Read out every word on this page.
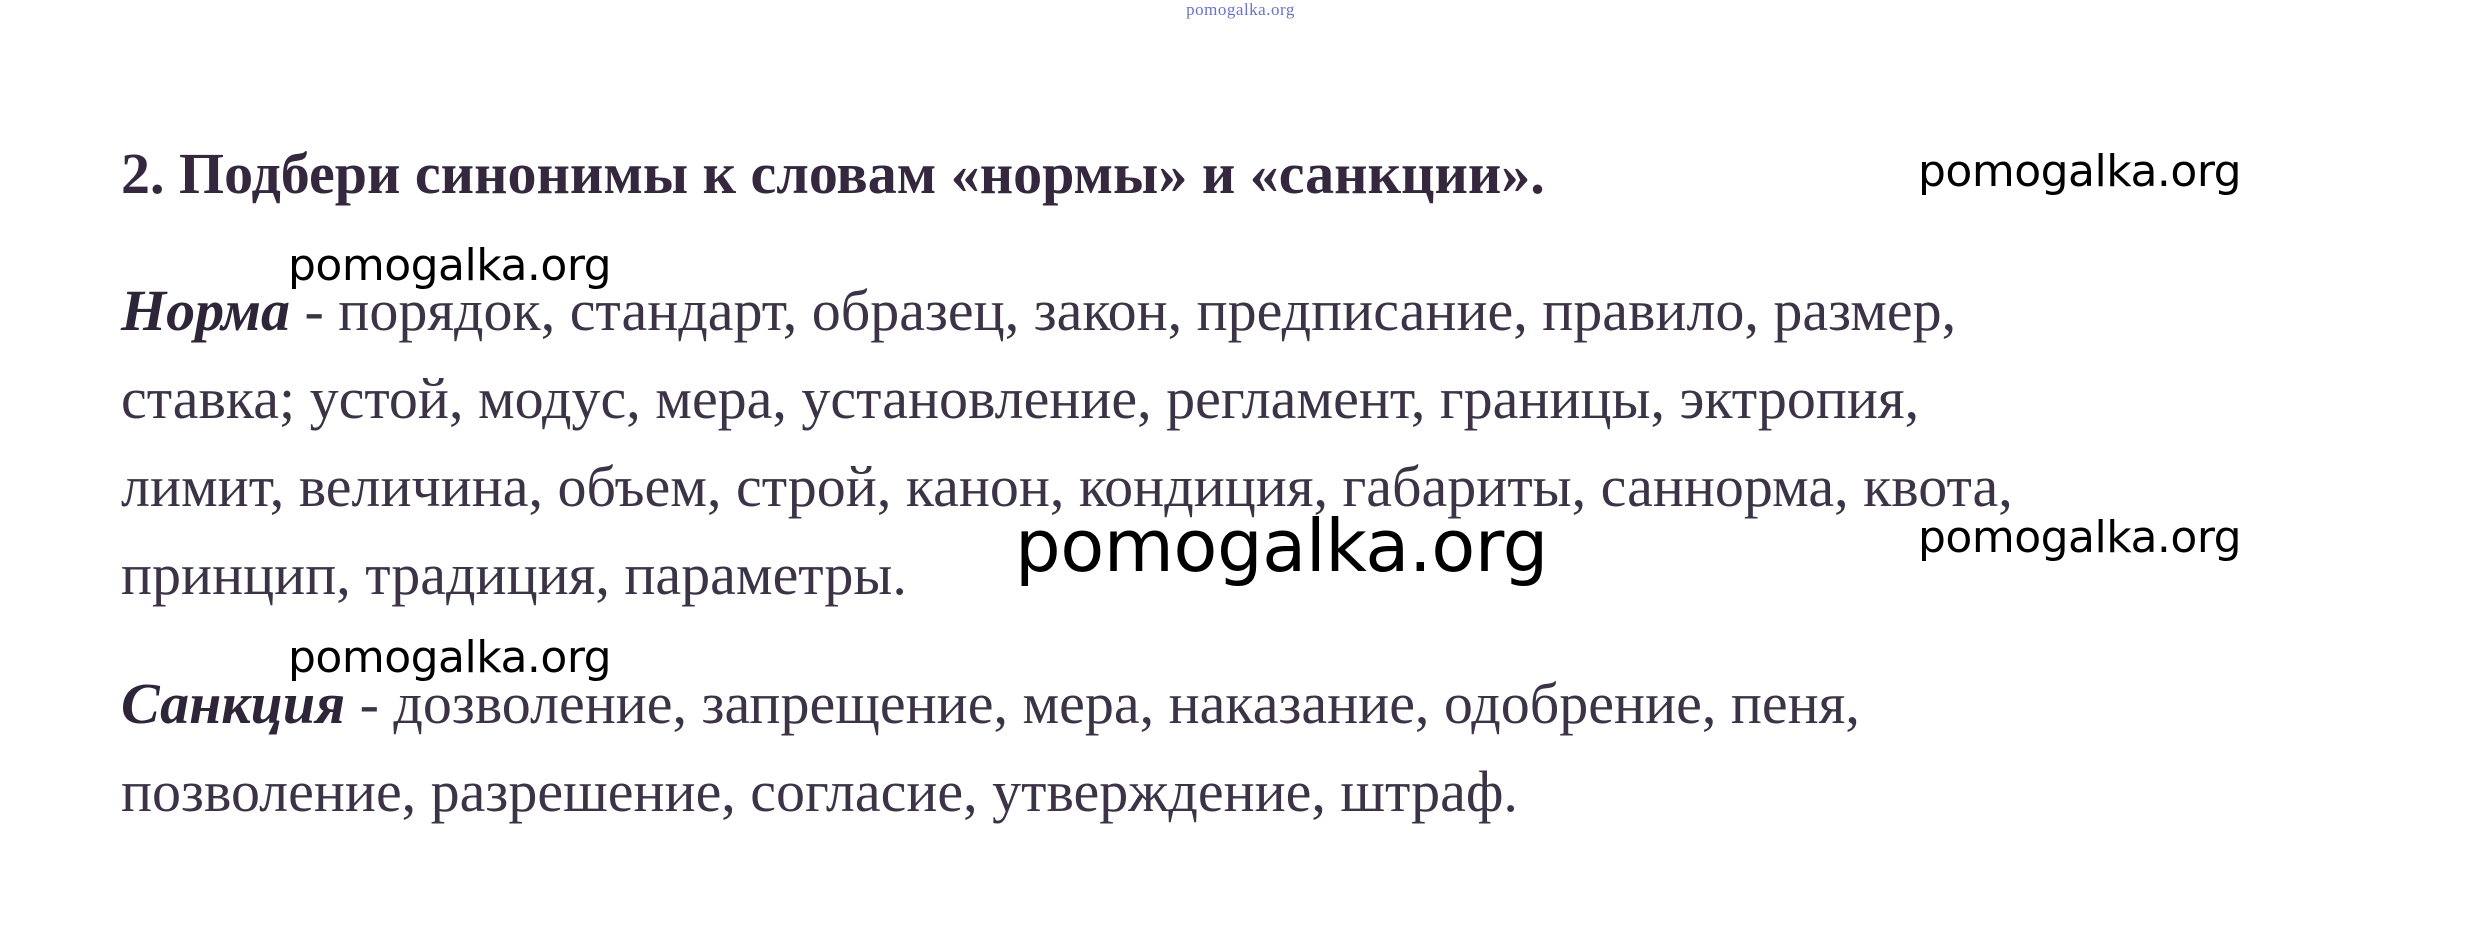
pomogalka.org
2. Подбери синонимы к словам «нормы» и «санкции».	pomogalka.org
pomogalka.org
Норма - порядок, стандарт, образец, закон, предписание, правило, размер,
ставка; устой, модус, мера, установление, регламент, границы, эктропия,
лимит, величина, объем, строй, канон, кондиция, габариты, саннорма, квота,
принцип, традиция, параметры.	pomogalka.org	pomogalka.org
pomogalka.org
Санкция - дозволение, запрещение, мера, наказание, одобрение, пеня,
позволение, разрешение, согласие, утверждение, штраф.
